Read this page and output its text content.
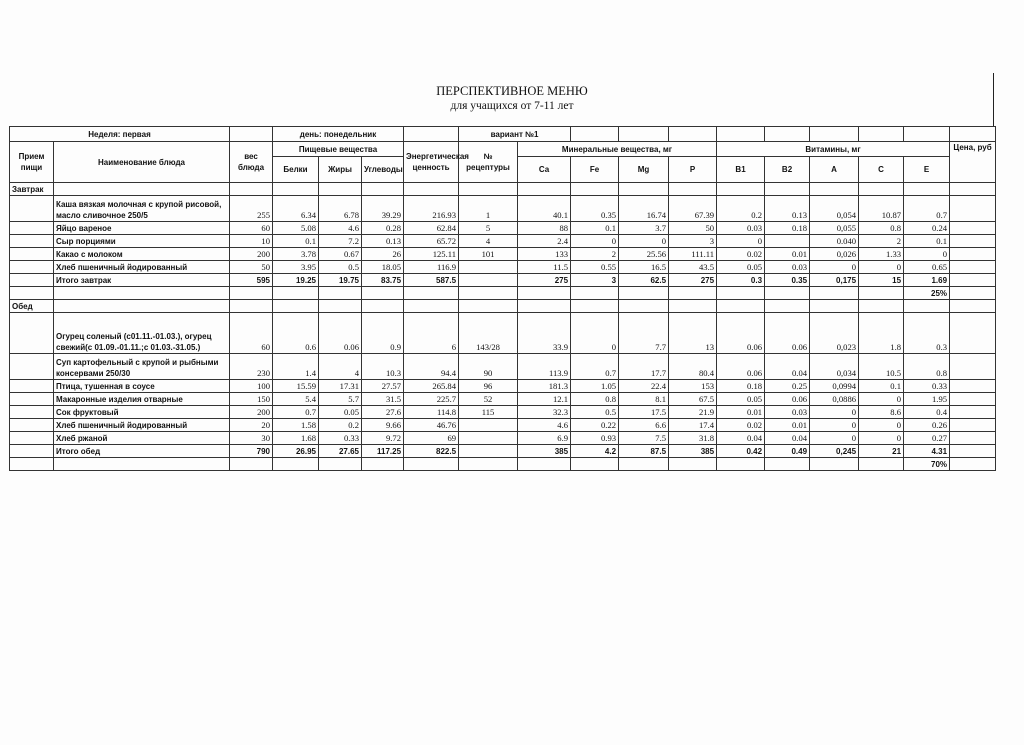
ПЕРСПЕКТИВНОЕ МЕНЮ
для учащихся от 7-11 лет
Неделя: первая			день: понедельник				вариант №1										
Прием пищи	Наименование блюда	вес блюда	Пищевые вещества			Энергетическая ценность	№ рецептуры	Минеральные вещества, мг				Витамины, мг					Цена, руб
			Белки	Жиры	Углеводы			Ca	Fe	Mg	P	B1	B2	A	C	E	
Завтрак																	
	Каша вязкая молочная с крупой рисовой, масло сливочное 250/5	255	6.34	6.78	39.29	216.93	1	40.1	0.35	16.74	67.39	0.2	0.13	0,054	10.87	0.7	
	Яйцо вареное	60	5.08	4.6	0.28	62.84	5	88	0.1	3.7	50	0.03	0.18	0,055	0.8	0.24	
	Сыр порциями	10	0.1	7.2	0.13	65.72	4	2.4	0	0	3	0		0.040	2	0.1	
	Какао с молоком	200	3.78	0.67	26	125.11	101	133	2	25.56	111.11	0.02	0.01	0,026	1.33	0	
	Хлеб пшеничный йодированный	50	3.95	0.5	18.05	116.9		11.5	0.55	16.5	43.5	0.05	0.03	0	0	0.65	
	Итого завтрак	595	19.25	19.75	83.75	587.5		275	3	62.5	275	0.3	0.35	0,175	15	1.69	
																25%	
Обед																	
	Огурец соленый (с01.11.-01.03.), огурец свежий(с 01.09.-01.11.;с 01.03.-31.05.)	60	0.6	0.06	0.9	6	143/28	33.9	0	7.7	13	0.06	0.06	0,023	1.8	0.3	
	Суп картофельный с крупой и рыбными консервами 250/30	230	1.4	4	10.3	94.4	90	113.9	0.7	17.7	80.4	0.06	0.04	0,034	10.5	0.8	
	Птица, тушенная в соусе	100	15.59	17.31	27.57	265.84	96	181.3	1.05	22.4	153	0.18	0.25	0,0994	0.1	0.33	
	Макаронные изделия отварные	150	5.4	5.7	31.5	225.7	52	12.1	0.8	8.1	67.5	0.05	0.06	0,0886	0	1.95	
	Сок фруктовый	200	0.7	0.05	27.6	114.8	115	32.3	0.5	17.5	21.9	0.01	0.03	0	8.6	0.4	
	Хлеб пшеничный йодированный	20	1.58	0.2	9.66	46.76		4.6	0.22	6.6	17.4	0.02	0.01	0	0	0.26	
	Хлеб ржаной	30	1.68	0.33	9.72	69		6.9	0.93	7.5	31.8	0.04	0.04	0	0	0.27	
	Итого обед	790	26.95	27.65	117.25	822.5		385	4.2	87.5	385	0.42	0.49	0,245	21	4.31	
																70%	
